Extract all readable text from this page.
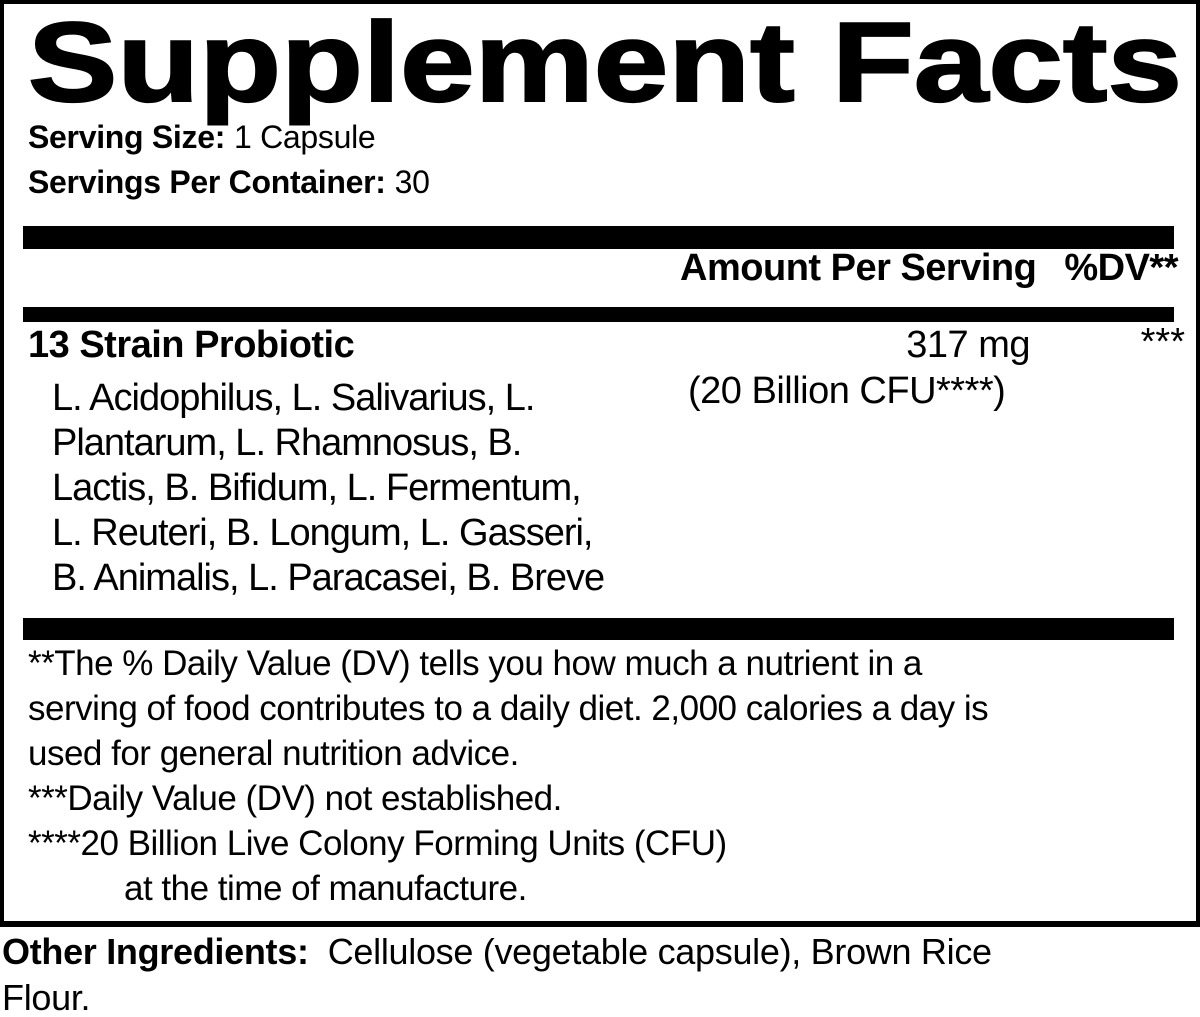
Supplement Facts
Serving Size: 1 Capsule
Servings Per Container: 30
Amount Per Serving %DV**
13 Strain Probiotic	317 mg	***
(20 Billion CFU****)
L. Acidophilus, L. Salivarius, L.
Plantarum, L. Rhamnosus, B.
Lactis, B. Bifidum, L. Fermentum,
L. Reuteri, B. Longum, L. Gasseri,
B. Animalis, L. Paracasei, B. Breve
**The % Daily Value (DV) tells you how much a nutrient in a
serving of food contributes to a daily diet. 2,000 calories a day is
used for general nutrition advice.
***Daily Value (DV) not established.
****20 Billion Live Colony Forming Units (CFU)
at the time of manufacture.
Other Ingredients: Cellulose (vegetable capsule), Brown Rice
Flour.
